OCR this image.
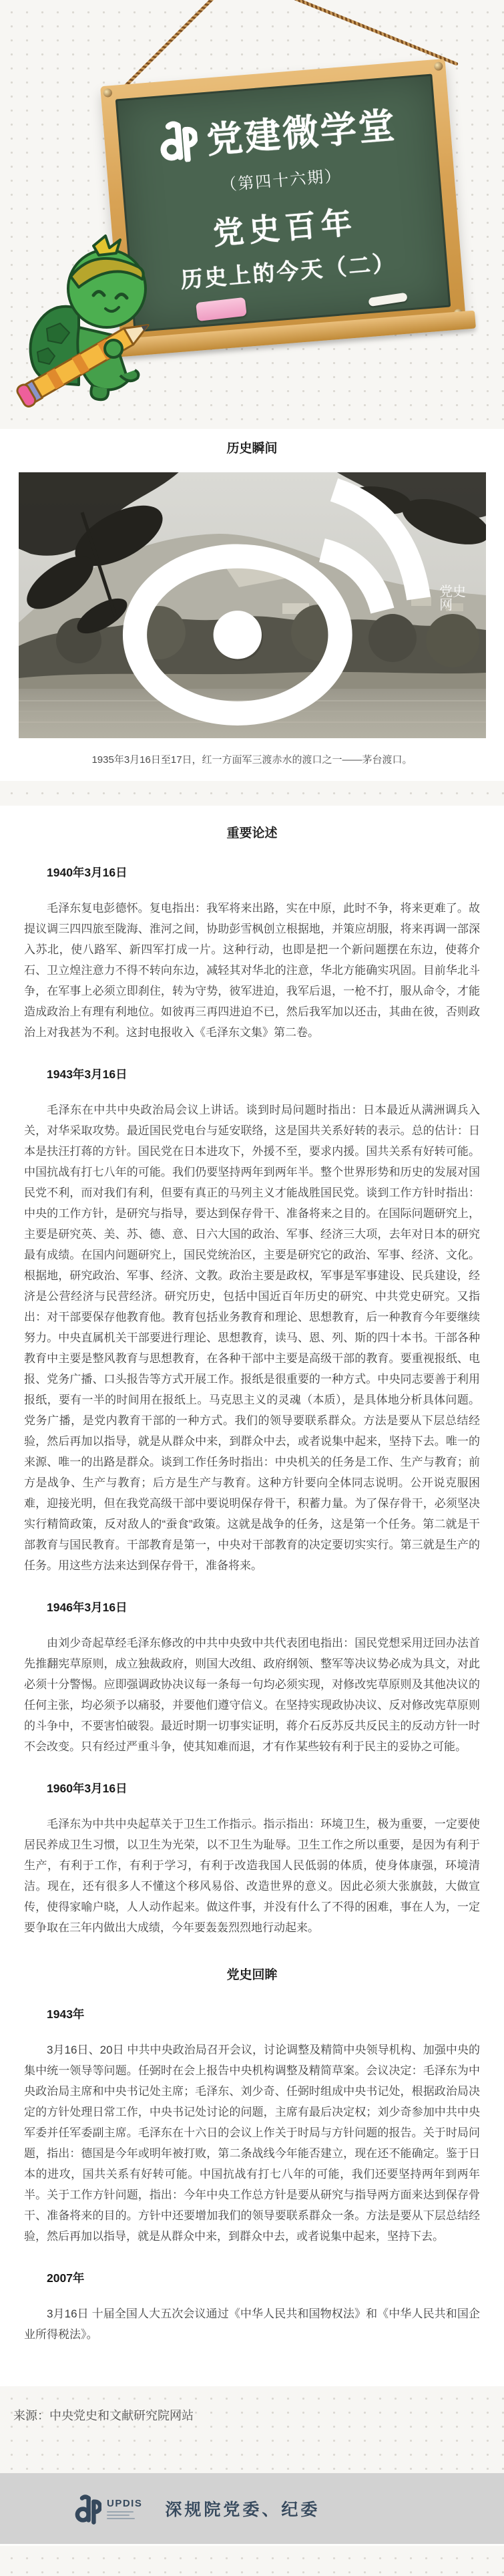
党建微学堂
（第四十六期）
党史百年
历史上的今天（二）
历史瞬间
党史网

1935年3月16日至17日，红一方面军三渡赤水的渡口之一——茅台渡口。

重要论述
1940年3月16日

毛泽东复电彭德怀。复电指出：我军将来出路，实在中原，此时不争，将来更难了。故提议调三四四旅至陇海、淮河之间，协助彭雪枫创立根据地，并策应胡服，将来再调一部深入苏北，使八路军、新四军打成一片。这种行动，也即是把一个新问题摆在东边，使蒋介石、卫立煌注意力不得不转向东边，减轻其对华北的注意，华北方能确实巩固。目前华北斗争，在军事上必须立即刹住，转为守势，彼军进迫，我军后退，一枪不打，服从命令，才能造成政治上有理有利地位。如彼再三再四进迫不已，然后我军加以还击，其曲在彼，否则政治上对我甚为不利。这封电报收入《毛泽东文集》第二卷。

1943年3月16日

毛泽东在中共中央政治局会议上讲话。谈到时局问题时指出：日本最近从满洲调兵入关，对华采取攻势。最近国民党电台与延安联络，这是国共关系好转的表示。总的估计：日本是扶汪打蒋的方针。国民党在日本进攻下，外援不至，要求内援。国共关系有好转可能。中国抗战有打七八年的可能。我们仍要坚持两年到两年半。整个世界形势和历史的发展对国民党不利，而对我们有利，但要有真正的马列主义才能战胜国民党。谈到工作方针时指出：中央的工作方针，是研究与指导，要达到保存骨干、准备将来之目的。在国际问题研究上，主要是研究英、美、苏、德、意、日六大国的政治、军事、经济三大项，去年对日本的研究最有成绩。在国内问题研究上，国民党统治区，主要是研究它的政治、军事、经济、文化。根据地，研究政治、军事、经济、文教。政治主要是政权，军事是军事建设、民兵建设，经济是公营经济与民营经济。研究历史，包括中国近百年历史的研究、中共党史研究。又指出：对干部要保存他教育他。教育包括业务教育和理论、思想教育，后一种教育今年要继续努力。中央直属机关干部要进行理论、思想教育，读马、恩、列、斯的四十本书。干部各种教育中主要是整风教育与思想教育，在各种干部中主要是高级干部的教育。要重视报纸、电报、党务广播、口头报告等方式开展工作。报纸是很重要的一种方式。中央同志要善于利用报纸，要有一半的时间用在报纸上。马克思主义的灵魂（本质），是具体地分析具体问题。党务广播，是党内教育干部的一种方式。我们的领导要联系群众。方法是要从下层总结经验，然后再加以指导，就是从群众中来，到群众中去，或者说集中起来，坚持下去。唯一的来源、唯一的出路是群众。谈到工作任务时指出：中央机关的任务是工作、生产与教育；前方是战争、生产与教育；后方是生产与教育。这种方针要向全体同志说明。公开说克服困难，迎接光明，但在我党高级干部中要说明保存骨干，积蓄力量。为了保存骨干，必须坚决实行精简政策，反对敌人的“蚕食”政策。这就是战争的任务，这是第一个任务。第二就是干部教育与国民教育。干部教育是第一，中央对干部教育的决定要切实实行。第三就是生产的任务。用这些方法来达到保存骨干，准备将来。

1946年3月16日

由刘少奇起草经毛泽东修改的中共中央致中共代表团电指出：国民党想采用迂回办法首先推翻宪草原则，成立独裁政府，则国大改组、政府纲领、整军等决议势必成为具文，对此必须十分警惕。应即强调政协决议每一条每一句均必须实现，对修改宪草原则及其他决议的任何主张，均必须予以痛驳，并要他们遵守信义。在坚持实现政协决议、反对修改宪草原则的斗争中，不要害怕破裂。最近时期一切事实证明，蒋介石反苏反共反民主的反动方针一时不会改变。只有经过严重斗争，使其知难而退，才有作某些较有利于民主的妥协之可能。

1960年3月16日

毛泽东为中共中央起草关于卫生工作指示。指示指出：环境卫生，极为重要，一定要使居民养成卫生习惯，以卫生为光荣，以不卫生为耻辱。卫生工作之所以重要，是因为有利于生产，有利于工作，有利于学习，有利于改造我国人民低弱的体质，使身体康强，环境清洁。现在，还有很多人不懂这个移风易俗、改造世界的意义。因此必须大张旗鼓，大做宣传，使得家喻户晓，人人动作起来。做这件事，并没有什么了不得的困难，事在人为，一定要争取在三年内做出大成绩，今年要轰轰烈烈地行动起来。

党史回眸
1943年

3月16日、20日 中共中央政治局召开会议，讨论调整及精简中央领导机构、加强中央的集中统一领导等问题。任弼时在会上报告中央机构调整及精简草案。会议决定：毛泽东为中央政治局主席和中央书记处主席；毛泽东、刘少奇、任弼时组成中央书记处，根据政治局决定的方针处理日常工作，中央书记处讨论的问题，主席有最后决定权；刘少奇参加中共中央军委并任军委副主席。毛泽东在十六日的会议上作关于时局与方针问题的报告。关于时局问题，指出：德国是今年或明年被打败，第二条战线今年能否建立，现在还不能确定。鉴于日本的进攻，国共关系有好转可能。中国抗战有打七八年的可能，我们还要坚持两年到两年半。关于工作方针问题，指出：今年中央工作总方针是要从研究与指导两方面来达到保存骨干、准备将来的目的。方针中还要增加我们的领导要联系群众一条。方法是要从下层总结经验，然后再加以指导，就是从群众中来，到群众中去，或者说集中起来，坚持下去。

2007年

3月16日 十届全国人大五次会议通过《中华人民共和国物权法》和《中华人民共和国企业所得税法》。

来源：中央党史和文献研究院网站
UPDIS 深规院党委、纪委
